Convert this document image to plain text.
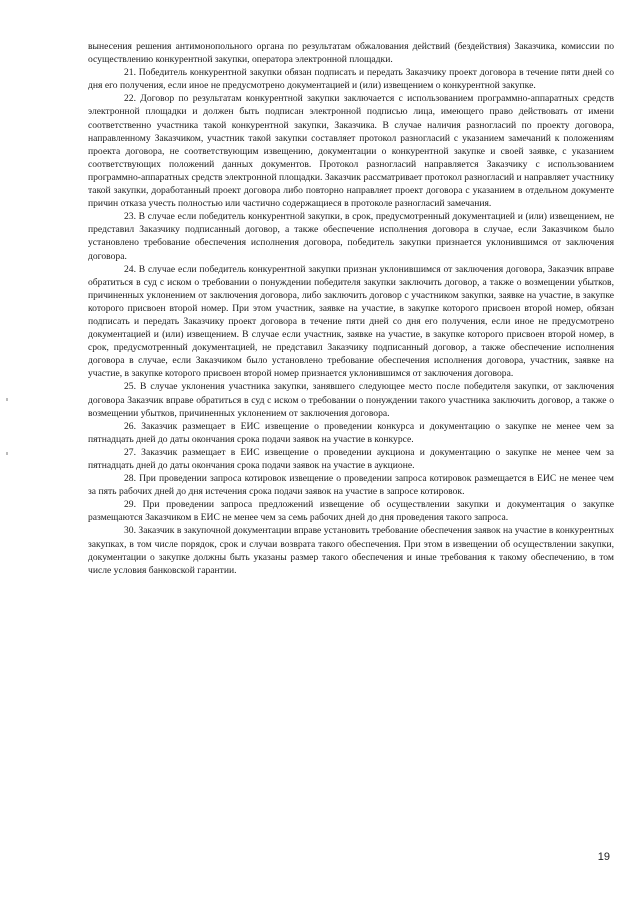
вынесения решения антимонопольного органа по результатам обжалования действий (бездействия) Заказчика, комиссии по осуществлению конкурентной закупки, оператора электронной площадки.

21. Победитель конкурентной закупки обязан подписать и передать Заказчику проект договора в течение пяти дней со дня его получения, если иное не предусмотрено документацией и (или) извещением о конкурентной закупке.

22. Договор по результатам конкурентной закупки заключается с использованием программно-аппаратных средств электронной площадки и должен быть подписан электронной подписью лица, имеющего право действовать от имени соответственно участника такой конкурентной закупки, Заказчика. В случае наличия разногласий по проекту договора, направленному Заказчиком, участник такой закупки составляет протокол разногласий с указанием замечаний к положениям проекта договора, не соответствующим извещению, документации о конкурентной закупке и своей заявке, с указанием соответствующих положений данных документов. Протокол разногласий направляется Заказчику с использованием программно-аппаратных средств электронной площадки. Заказчик рассматривает протокол разногласий и направляет участнику такой закупки, доработанный проект договора либо повторно направляет проект договора с указанием в отдельном документе причин отказа учесть полностью или частично содержащиеся в протоколе разногласий замечания.

23. В случае если победитель конкурентной закупки, в срок, предусмотренный документацией и (или) извещением, не представил Заказчику подписанный договор, а также обеспечение исполнения договора в случае, если Заказчиком было установлено требование обеспечения исполнения договора, победитель закупки признается уклонившимся от заключения договора.

24. В случае если победитель конкурентной закупки признан уклонившимся от заключения договора, Заказчик вправе обратиться в суд с иском о требовании о понуждении победителя закупки заключить договор, а также о возмещении убытков, причиненных уклонением от заключения договора, либо заключить договор с участником закупки, заявке на участие, в закупке которого присвоен второй номер. При этом участник, заявке на участие, в закупке которого присвоен второй номер, обязан подписать и передать Заказчику проект договора в течение пяти дней со дня его получения, если иное не предусмотрено документацией и (или) извещением. В случае если участник, заявке на участие, в закупке которого присвоен второй номер, в срок, предусмотренный документацией, не представил Заказчику подписанный договор, а также обеспечение исполнения договора в случае, если Заказчиком было установлено требование обеспечения исполнения договора, участник, заявке на участие, в закупке которого присвоен второй номер признается уклонившимся от заключения договора.

25. В случае уклонения участника закупки, занявшего следующее место после победителя закупки, от заключения договора Заказчик вправе обратиться в суд с иском о требовании о понуждении такого участника заключить договор, а также о возмещении убытков, причиненных уклонением от заключения договора.

26. Заказчик размещает в ЕИС извещение о проведении конкурса и документацию о закупке не менее чем за пятнадцать дней до даты окончания срока подачи заявок на участие в конкурсе.

27. Заказчик размещает в ЕИС извещение о проведении аукциона и документацию о закупке не менее чем за пятнадцать дней до даты окончания срока подачи заявок на участие в аукционе.

28. При проведении запроса котировок извещение о проведении запроса котировок размещается в ЕИС не менее чем за пять рабочих дней до дня истечения срока подачи заявок на участие в запросе котировок.

29. При проведении запроса предложений извещение об осуществлении закупки и документация о закупке размещаются Заказчиком в ЕИС не менее чем за семь рабочих дней до дня проведения такого запроса.

30. Заказчик в закупочной документации вправе установить требование обеспечения заявок на участие в конкурентных закупках, в том числе порядок, срок и случаи возврата такого обеспечения. При этом в извещении об осуществлении закупки, документации о закупке должны быть указаны размер такого обеспечения и иные требования к такому обеспечению, в том числе условия банковской гарантии.

19
